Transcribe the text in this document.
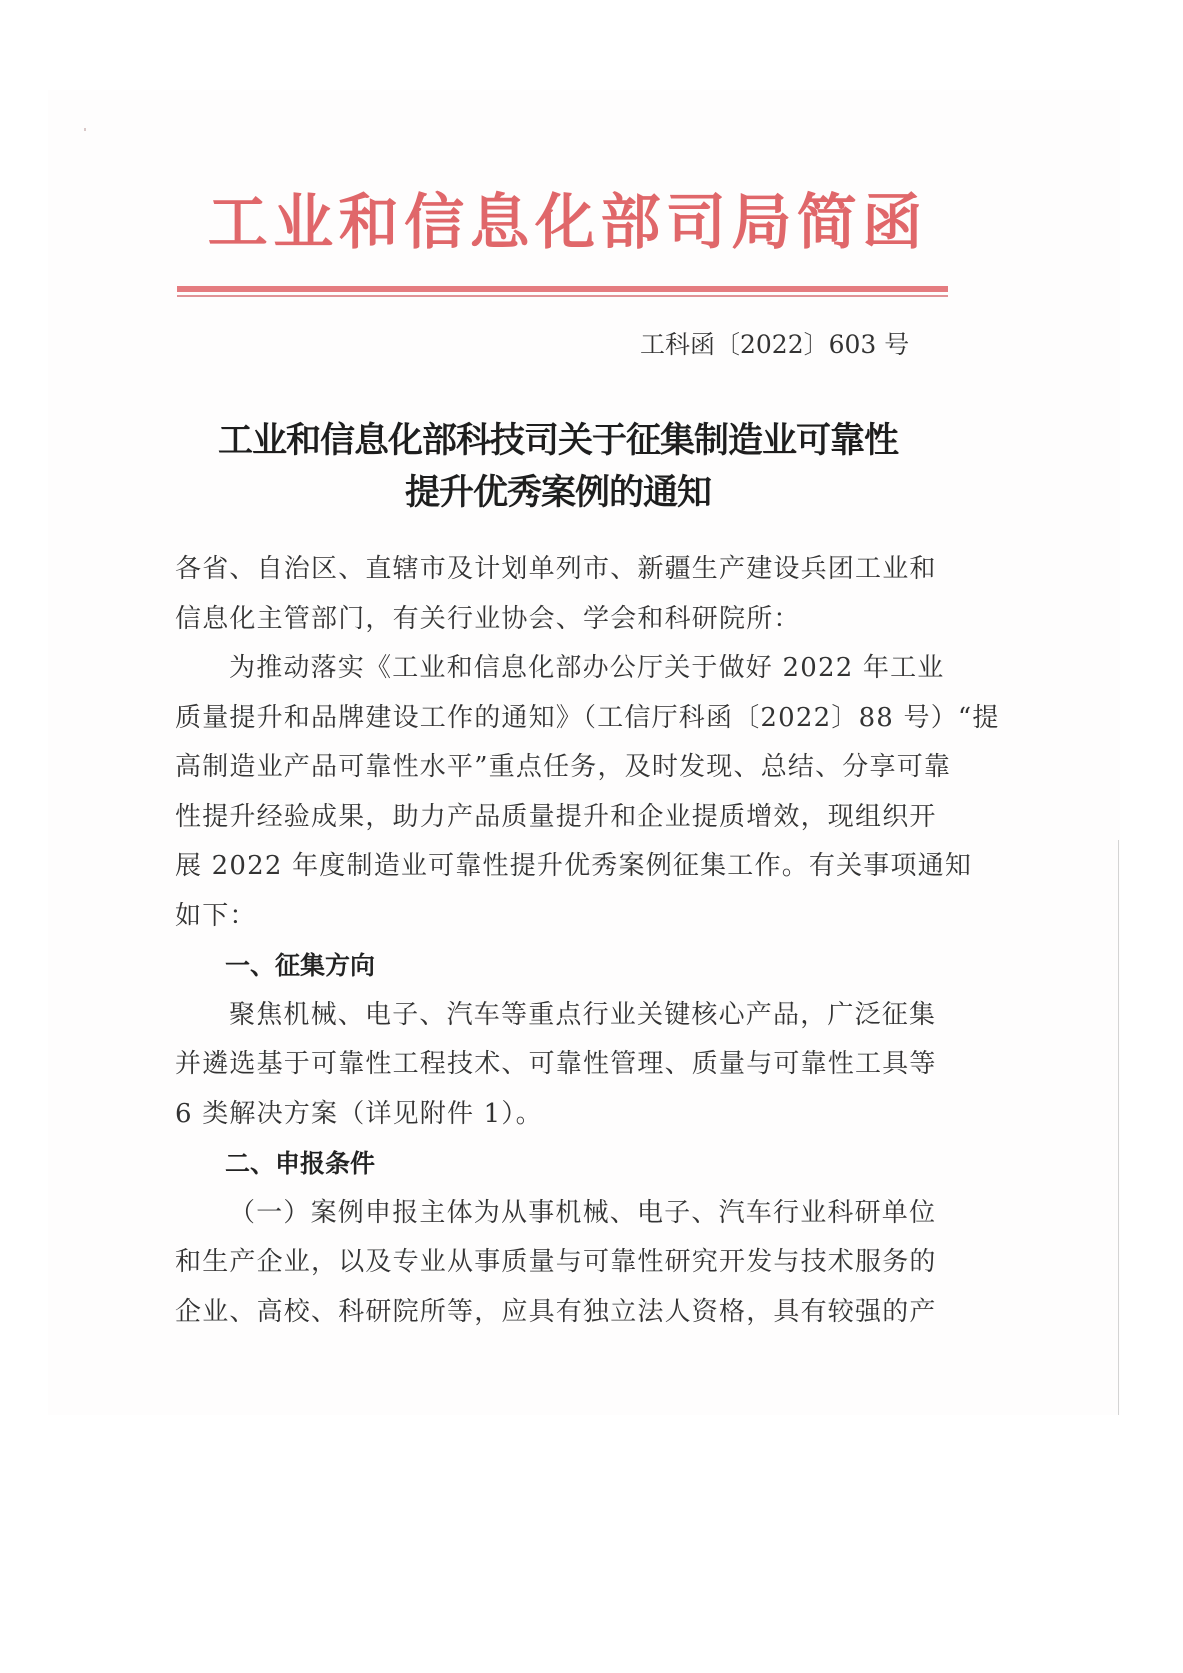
工 业 和 信 息 化 部 司 局 简 函
工科函〔2022〕603 号
工业和信息化部科技司关于征集制造业可靠性
提升优秀案例的通知
各省、自治区、直辖市及计划单列市、新疆生产建设兵团工业和
信息化主管部门，有关行业协会、学会和科研院所：
为推动落实《工业和信息化部办公厅关于做好 2022 年工业
质量提升和品牌建设工作的通知》（工信厅科函〔2022〕88 号）“提
高制造业产品可靠性水平”重点任务，及时发现、总结、分享可靠
性提升经验成果，助力产品质量提升和企业提质增效，现组织开
展 2022 年度制造业可靠性提升优秀案例征集工作。有关事项通知
如下：
一、征集方向
聚焦机械、电子、汽车等重点行业关键核心产品，广泛征集
并遴选基于可靠性工程技术、可靠性管理、质量与可靠性工具等
6 类解决方案（详见附件 1）。
二、申报条件
（一）案例申报主体为从事机械、电子、汽车行业科研单位
和生产企业，以及专业从事质量与可靠性研究开发与技术服务的
企业、高校、科研院所等，应具有独立法人资格，具有较强的产
